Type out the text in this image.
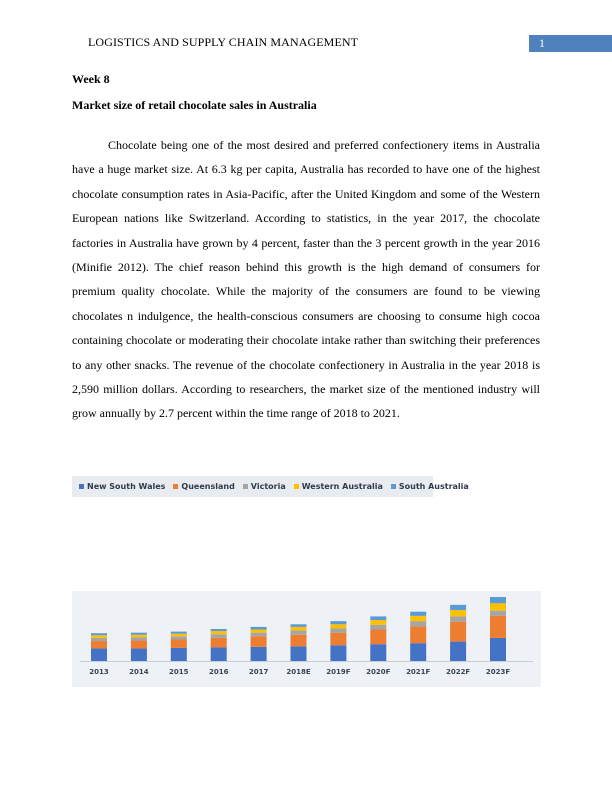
LOGISTICS AND SUPPLY CHAIN MANAGEMENT	1
Week 8
Market size of retail chocolate sales in Australia

Chocolate being one of the most desired and preferred confectionery items in Australia have a huge market size. At 6.3 kg per capita, Australia has recorded to have one of the highest chocolate consumption rates in Asia-Pacific, after the United Kingdom and some of the Western European nations like Switzerland. According to statistics, in the year 2017, the chocolate factories in Australia have grown by 4 percent, faster than the 3 percent growth in the year 2016 (Minifie 2012). The chief reason behind this growth is the high demand of consumers for premium quality chocolate. While the majority of the consumers are found to be viewing chocolates n indulgence, the health-conscious consumers are choosing to consume high cocoa containing chocolate or moderating their chocolate intake rather than switching their preferences to any other snacks. The revenue of the chocolate confectionery in Australia in the year 2018 is 2,590 million dollars. According to researchers, the market size of the mentioned industry will grow annually by 2.7 percent within the time range of 2018 to 2021.

New South Wales Queensland Victoria Western Australia South Australia
2013	2014	2015	2016	2017	2018E 2019F 2020F 2021F 2022F 2023F
